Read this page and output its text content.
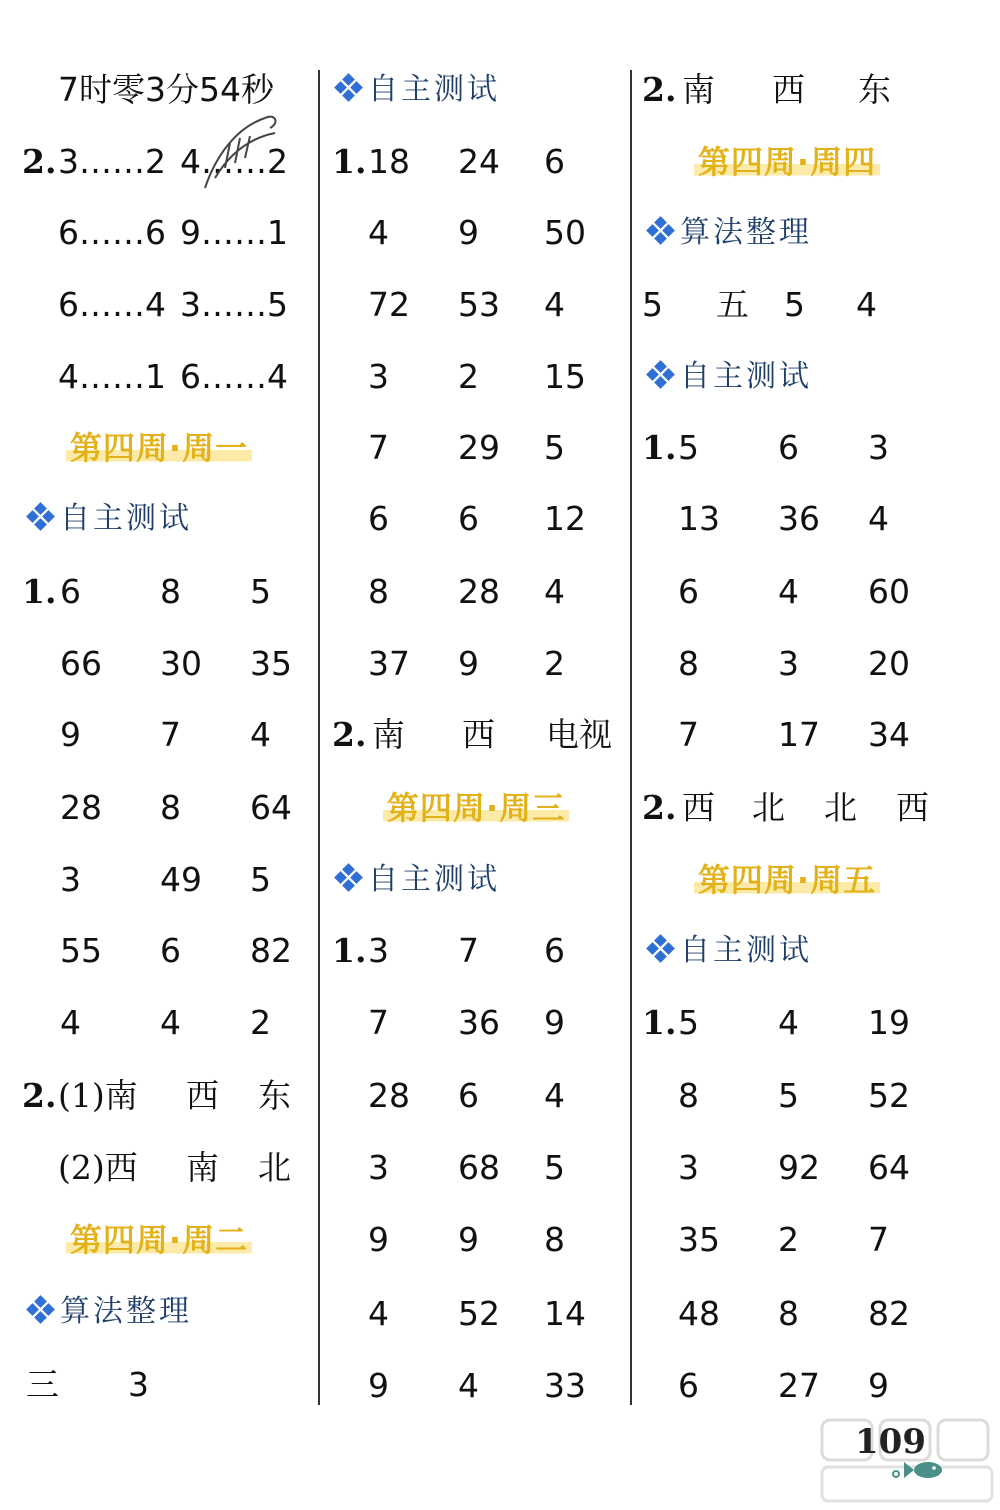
7时零3分54秒
2. 3……2 4……2
6……6 9……1
6……4 3……5
4……1 6……4
第四周·周一
自主测试
1. 6 8 5
66 30 35
9 7 4
28 8 64
3 49 5
55 6 82
4 4 2
2. (1)南 西 东
(2)西 南 北
第四周·周二
算法整理
三 3
自主测试
1. 18 24 6
4 9 50
72 53 4
3 2 15
7 29 5
6 6 12
8 28 4
37 9 2
2. 南 西 电视
第四周·周三
自主测试
1. 3 7 6
7 36 9
28 6 4
3 68 5
9 9 8
4 52 14
9 4 33
2. 南 西 东
第四周·周四
算法整理
5 五 5 4
自主测试
1. 5 6 3
13 36 4
6 4 60
8 3 20
7 17 34
2. 西 北 北 西
第四周·周五
自主测试
1. 5 4 19
8 5 52
3 92 64
35 2 7
48 8 82
6 27 9
109
